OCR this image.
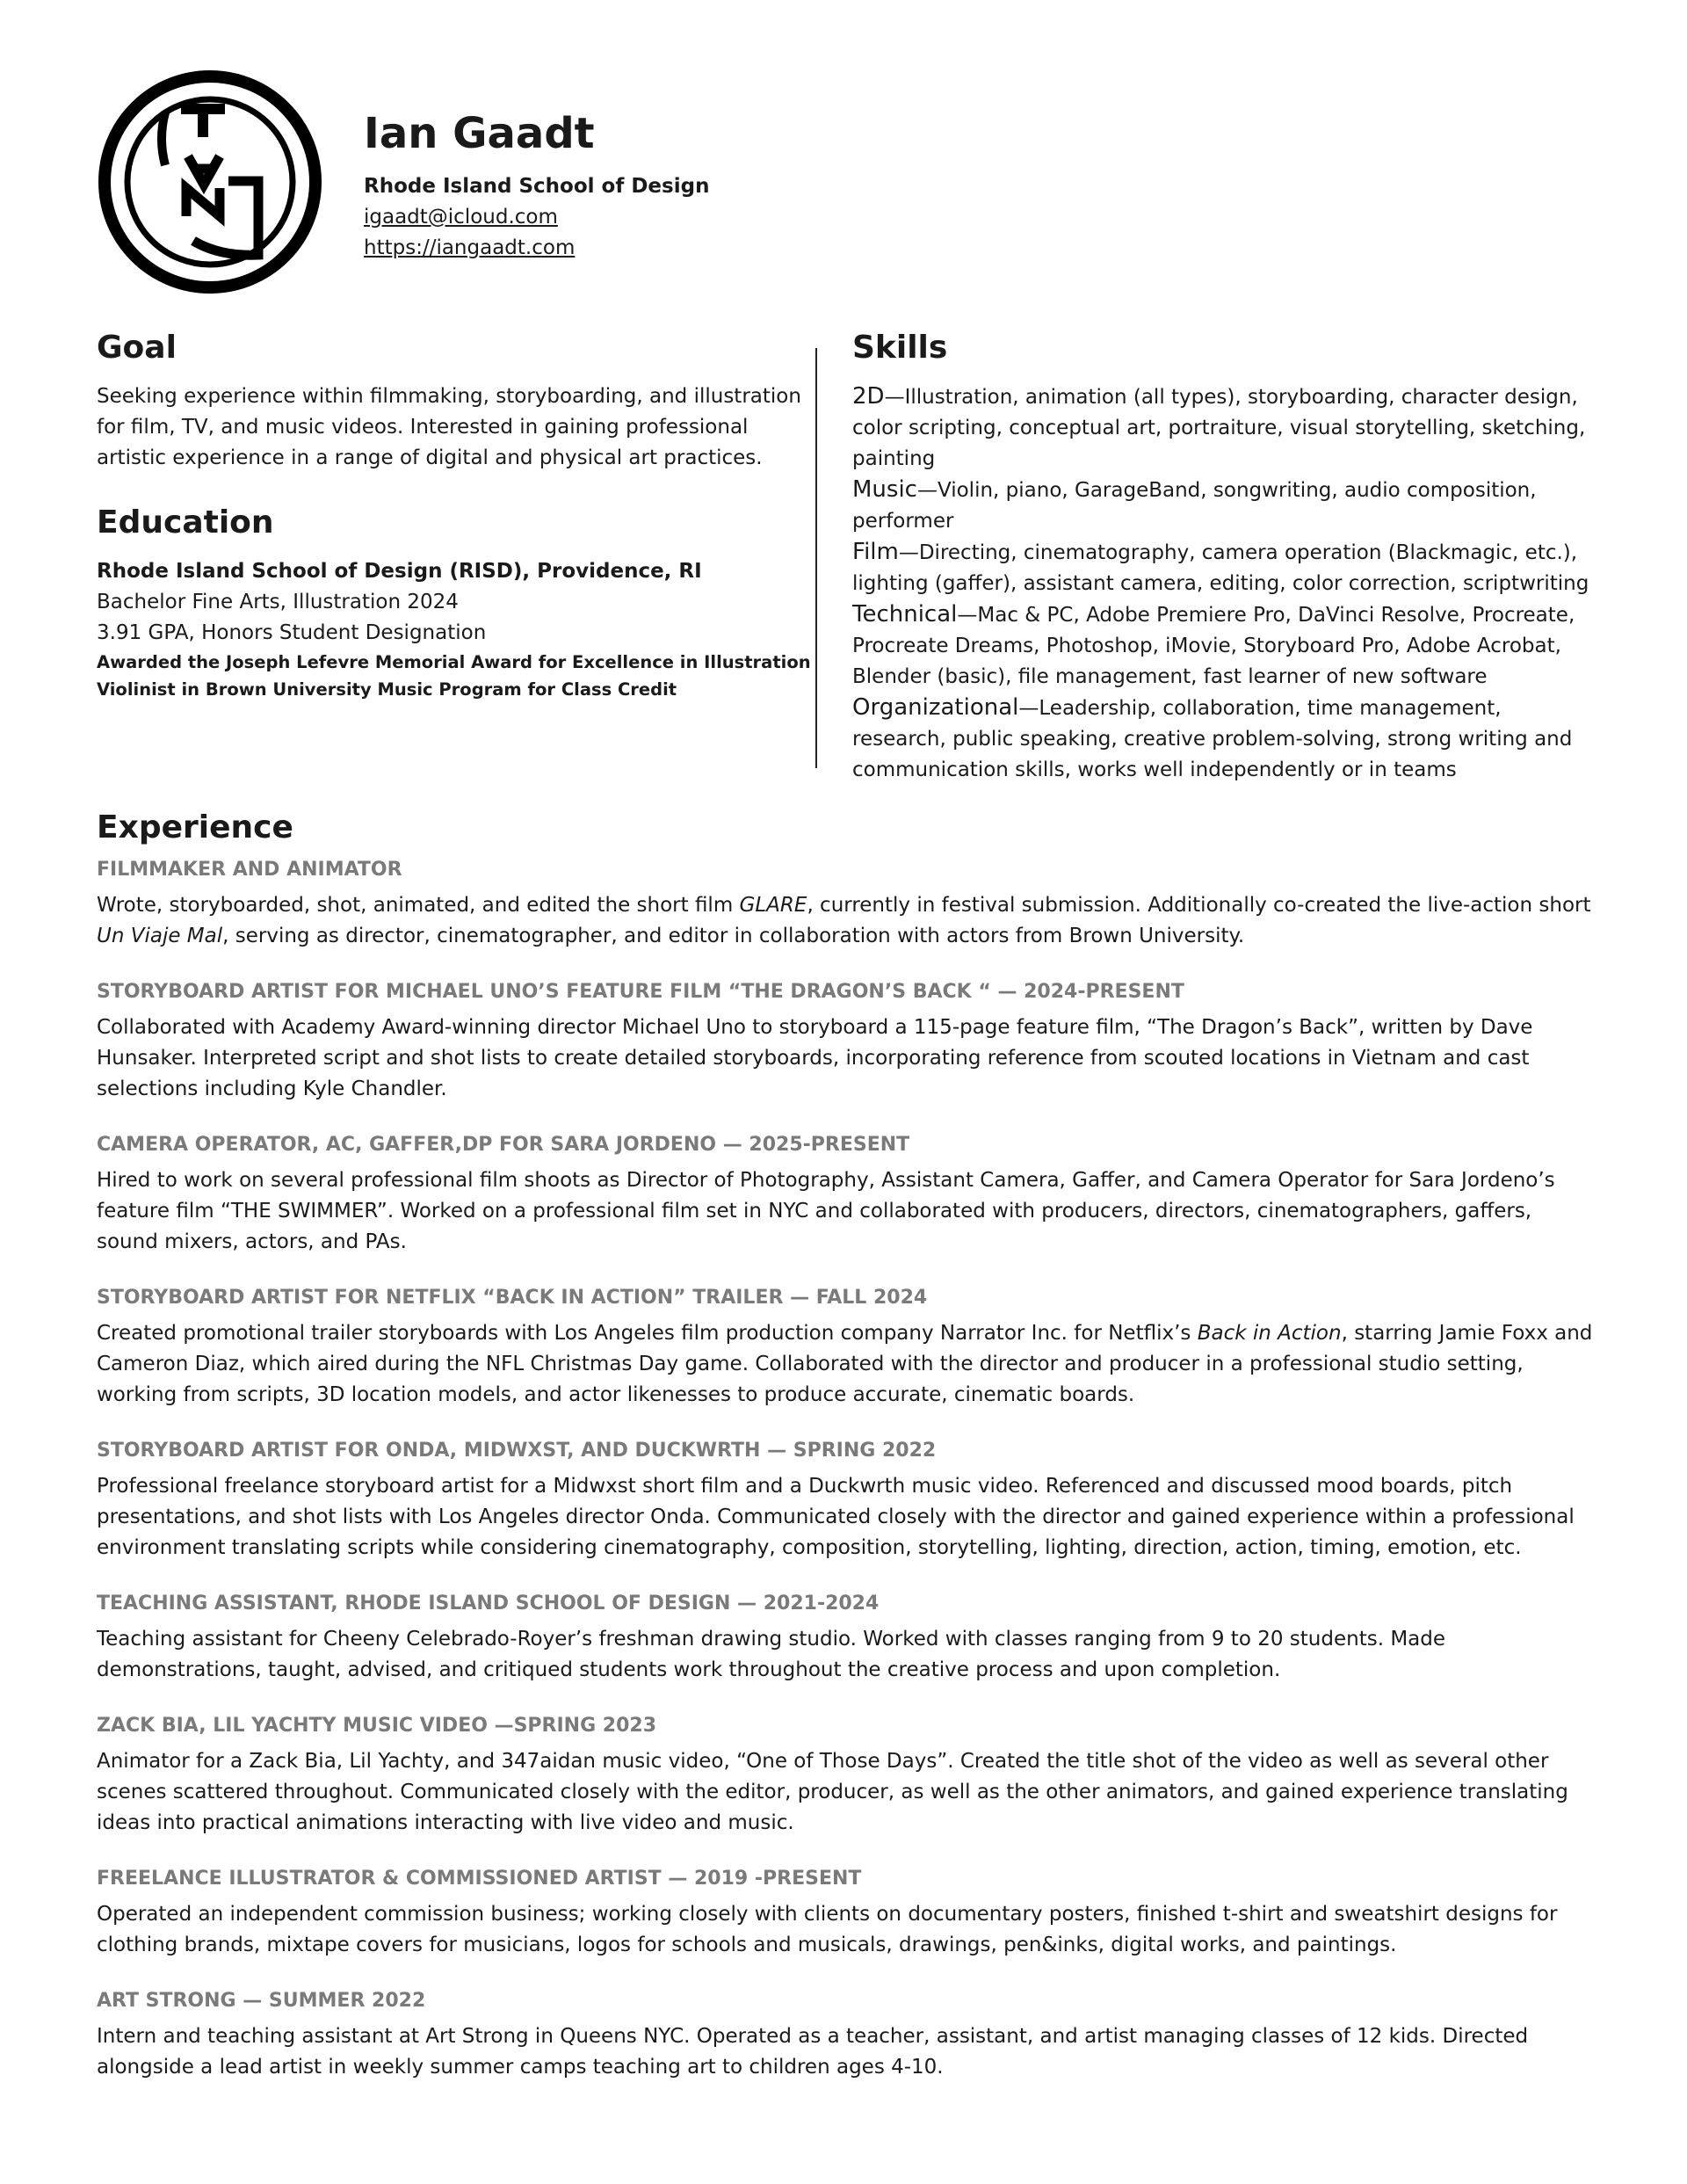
Ian Gaadt
Rhode Island School of Design
igaadt@icloud.com
https://iangaadt.com
Goal

Seeking experience within filmmaking, storyboarding, and illustration for film, TV, and music videos. Interested in gaining professional artistic experience in a range of digital and physical art practices.

Education
Rhode Island School of Design (RISD), Providence, RI
Bachelor Fine Arts, Illustration 2024
3.91 GPA, Honors Student Designation
Awarded the Joseph Lefevre Memorial Award for Excellence in Illustration
Violinist in Brown University Music Program for Class Credit
Skills
2D—Illustration, animation (all types), storyboarding, character design, color scripting, conceptual art, portraiture, visual storytelling, sketching, painting
Music—Violin, piano, GarageBand, songwriting, audio composition, performer
Film—Directing, cinematography, camera operation (Blackmagic, etc.), lighting (gaffer), assistant camera, editing, color correction, scriptwriting
Technical—Mac & PC, Adobe Premiere Pro, DaVinci Resolve, Procreate, Procreate Dreams, Photoshop, iMovie, Storyboard Pro, Adobe Acrobat, Blender (basic), file management, fast learner of new software
Organizational—Leadership, collaboration, time management, research, public speaking, creative problem-solving, strong writing and communication skills, works well independently or in teams
Experience
FILMMAKER AND ANIMATOR
Wrote, storyboarded, shot, animated, and edited the short film GLARE, currently in festival submission. Additionally co-created the live-action short Un Viaje Mal, serving as director, cinematographer, and editor in collaboration with actors from Brown University.
STORYBOARD ARTIST FOR MICHAEL UNO’S FEATURE FILM “THE DRAGON’S BACK “ — 2024-PRESENT
Collaborated with Academy Award-winning director Michael Uno to storyboard a 115-page feature film, “The Dragon’s Back”, written by Dave Hunsaker. Interpreted script and shot lists to create detailed storyboards, incorporating reference from scouted locations in Vietnam and cast selections including Kyle Chandler.
CAMERA OPERATOR, AC, GAFFER,DP FOR SARA JORDENO — 2025-PRESENT
Hired to work on several professional film shoots as Director of Photography, Assistant Camera, Gaffer, and Camera Operator for Sara Jordeno’s feature film “THE SWIMMER”. Worked on a professional film set in NYC and collaborated with producers, directors, cinematographers, gaffers, sound mixers, actors, and PAs.
STORYBOARD ARTIST FOR NETFLIX “BACK IN ACTION” TRAILER — FALL 2024
Created promotional trailer storyboards with Los Angeles film production company Narrator Inc. for Netflix’s Back in Action, starring Jamie Foxx and Cameron Diaz, which aired during the NFL Christmas Day game. Collaborated with the director and producer in a professional studio setting, working from scripts, 3D location models, and actor likenesses to produce accurate, cinematic boards.
STORYBOARD ARTIST FOR ONDA, MIDWXST, AND DUCKWRTH — SPRING 2022
Professional freelance storyboard artist for a Midwxst short film and a Duckwrth music video. Referenced and discussed mood boards, pitch presentations, and shot lists with Los Angeles director Onda. Communicated closely with the director and gained experience within a professional environment translating scripts while considering cinematography, composition, storytelling, lighting, direction, action, timing, emotion, etc.
TEACHING ASSISTANT, RHODE ISLAND SCHOOL OF DESIGN — 2021-2024
Teaching assistant for Cheeny Celebrado-Royer’s freshman drawing studio. Worked with classes ranging from 9 to 20 students. Made demonstrations, taught, advised, and critiqued students work throughout the creative process and upon completion.
ZACK BIA, LIL YACHTY MUSIC VIDEO —SPRING 2023
Animator for a Zack Bia, Lil Yachty, and 347aidan music video, “One of Those Days”. Created the title shot of the video as well as several other scenes scattered throughout. Communicated closely with the editor, producer, as well as the other animators, and gained experience translating ideas into practical animations interacting with live video and music.
FREELANCE ILLUSTRATOR & COMMISSIONED ARTIST — 2019 -PRESENT
Operated an independent commission business; working closely with clients on documentary posters, finished t-shirt and sweatshirt designs for clothing brands, mixtape covers for musicians, logos for schools and musicals, drawings, pen&inks, digital works, and paintings.
ART STRONG — SUMMER 2022
Intern and teaching assistant at Art Strong in Queens NYC. Operated as a teacher, assistant, and artist managing classes of 12 kids. Directed alongside a lead artist in weekly summer camps teaching art to children ages 4-10.
